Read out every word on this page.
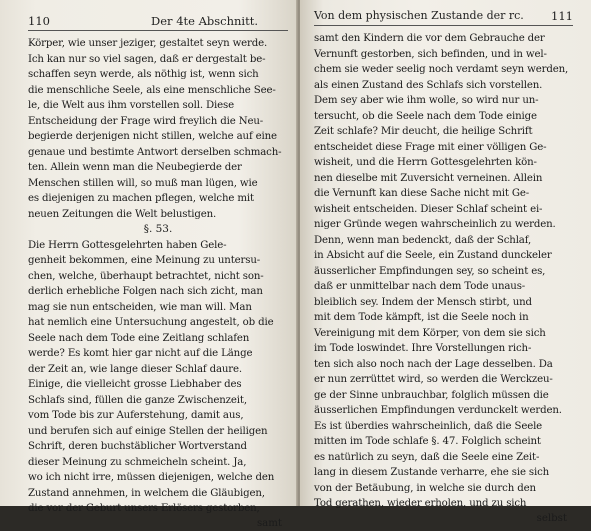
110	Der 4te Abschnitt.
Körper, wie unser jeziger, gestaltet seyn werde.
Ich kan nur so viel sagen, daß er dergestalt be-
schaffen seyn werde, als nöthig ist, wenn sich
die menschliche Seele, als eine menschliche See-
le, die Welt aus ihm vorstellen soll. Diese
Entscheidung der Frage wird freylich die Neu-
begierde derjenigen nicht stillen, welche auf eine
genaue und bestimte Antwort derselben schmach-
ten. Allein wenn man die Neubegierde der
Menschen stillen will, so muß man lügen, wie
es diejenigen zu machen pflegen, welche mit
neuen Zeitungen die Welt belustigen.
§. 53.
Die Herrn Gottesgelehrten haben Gele-
genheit bekommen, eine Meinung zu untersu-
chen, welche, überhaupt betrachtet, nicht son-
derlich erhebliche Folgen nach sich zicht, man
mag sie nun entscheiden, wie man will. Man
hat nemlich eine Untersuchung angestelt, ob die
Seele nach dem Tode eine Zeitlang schlafen
werde? Es komt hier gar nicht auf die Länge
der Zeit an, wie lange dieser Schlaf daure.
Einige, die vielleicht grosse Liebhaber des
Schlafs sind, füllen die ganze Zwischenzeit,
vom Tode bis zur Auferstehung, damit aus,
und berufen sich auf einige Stellen der heiligen
Schrift, deren buchstäblicher Wortverstand
dieser Meinung zu schmeicheln scheint. Ja,
wo ich nicht irre, müssen diejenigen, welche den
Zustand annehmen, in welchem die Gläubigen,
die vor der Geburt unsers Erlösers gestorben,
samt
Von dem physischen Zustande der rc. 111
samt den Kindern die vor dem Gebrauche der
Vernunft gestorben, sich befinden, und in wel-
chem sie weder seelig noch verdamt seyn werden,
als einen Zustand des Schlafs sich vorstellen.
Dem sey aber wie ihm wolle, so wird nur un-
tersucht, ob die Seele nach dem Tode einige
Zeit schlafe? Mir deucht, die heilige Schrift
entscheidet diese Frage mit einer völligen Ge-
wisheit, und die Herrn Gottesgelehrten kön-
nen dieselbe mit Zuversicht verneinen. Allein
die Vernunft kan diese Sache nicht mit Ge-
wisheit entscheiden. Dieser Schlaf scheint ei-
niger Gründe wegen wahrscheinlich zu werden.
Denn, wenn man bedenckt, daß der Schlaf,
in Absicht auf die Seele, ein Zustand dunckeler
äusserlicher Empfindungen sey, so scheint es,
daß er unmittelbar nach dem Tode unaus-
bleiblich sey. Indem der Mensch stirbt, und
mit dem Tode kämpft, ist die Seele noch in
Vereinigung mit dem Körper, von dem sie sich
im Tode loswindet. Ihre Vorstellungen rich-
ten sich also noch nach der Lage desselben. Da
er nun zerrüttet wird, so werden die Werckzeu-
ge der Sinne unbrauchbar, folglich müssen die
äusserlichen Empfindungen verdunckelt werden.
Es ist überdies wahrscheinlich, daß die Seele
mitten im Tode schlafe §. 47. Folglich scheint
es natürlich zu seyn, daß die Seele eine Zeit-
lang in diesem Zustande verharre, ehe sie sich
von der Betäubung, in welche sie durch den
Tod gerathen, wieder erholen, und zu sich
selbst
